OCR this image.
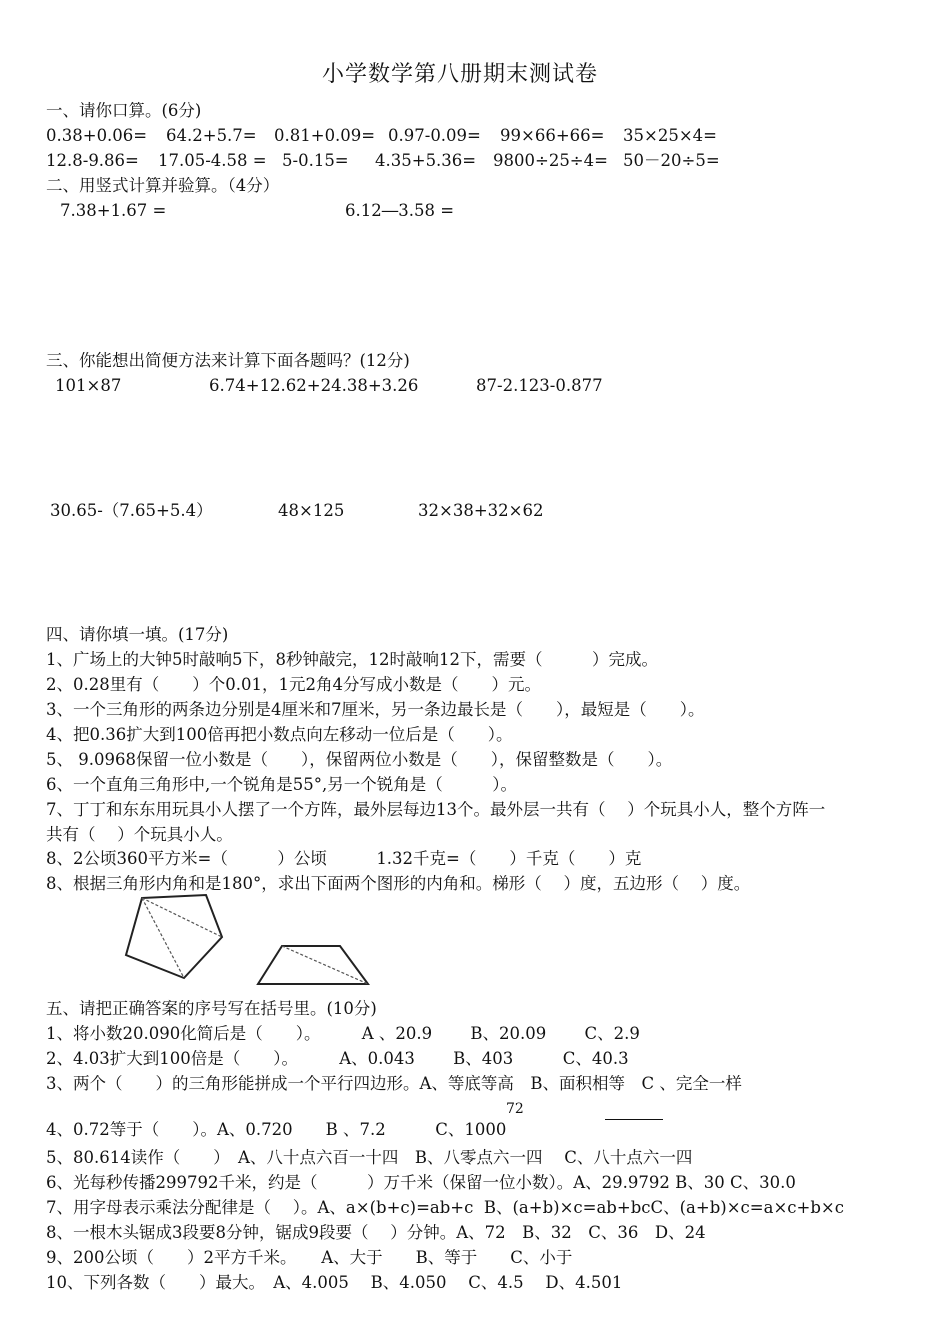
小学数学第八册期末测试卷
一、请你口算。(6分)
0.38+0.06= 64.2+5.7= 0.81+0.09= 0.97-0.09= 99×66+66= 35×25×4=
12.8-9.86= 17.05-4.58 = 5-0.15= 4.35+5.36= 9800÷25÷4= 50－20÷5=
二、用竖式计算并验算。（4分）
7.38+1.67 =	6.12―3.58 =
三、你能想出简便方法来计算下面各题吗？(12分)
101×87	6.74+12.62+24.38+3.26	87-2.123-0.877
30.65-（7.65+5.4）	48×125	32×38+32×62
四、请你填一填。(17分)
1、广场上的大钟5时敲响5下，8秒钟敲完，12时敲响12下，需要（　　　）完成。
2、0.28里有（　　）个0.01，1元2角4分写成小数是（　　）元。
3、一个三角形的两条边分别是4厘米和7厘米，另一条边最长是（　　），最短是（　　）。
4、把0.36扩大到100倍再把小数点向左移动一位后是（　　）。
5、 9.0968保留一位小数是（　　），保留两位小数是（　　），保留整数是（　　）。
6、一个直角三角形中,一个锐角是55°,另一个锐角是（　　　）。
7、丁丁和东东用玩具小人摆了一个方阵，最外层每边13个。最外层一共有（　 ）个玩具小人，整个方阵一
共有（　 ）个玩具小人。
8、2公顷360平方米=（　　　）公顷　　　1.32千克=（　　）千克（　　）克
8、根据三角形内角和是180°，求出下面两个图形的内角和。梯形（　 ）度，五边形（　 ）度。
五、请把正确答案的序号写在括号里。(10分)
1、将小数20.090化简后是（　　）。　　　A 、20.9　　 B、20.09　　 C、2.9
2、4.03扩大到100倍是（　　）。　　　A、0.043　　 B、403　　　C、40.3
3、两个（　　）的三角形能拼成一个平行四边形。A、等底等高　B、面积相等　C 、完全一样
72
4、0.72等于（　　）。A、0.720　　B 、7.2　　　C、1000
5、80.614读作（　　）　A、八十点六百一十四　B、八零点六一四　 C、八十点六一四
6、光每秒传播299792千米，约是（　　　）万千米（保留一位小数）。A、29.9792 B、30 C、30.0
7、用字母表示乘法分配律是（　 ）。A、a×(b+c)=ab+c  B、(a+b)×c=ab+bcC、(a+b)×c=a×c+b×c
8、一根木头锯成3段要8分钟，锯成9段要（　 ）分钟。A、72　B、32　C、36　D、24
9、200公顷（　　）2平方千米。　　A、大于　　B、等于　　C、小于
10、下列各数（　　）最大。　A、4.005　 B、4.050　 C、4.5　 D、4.501
